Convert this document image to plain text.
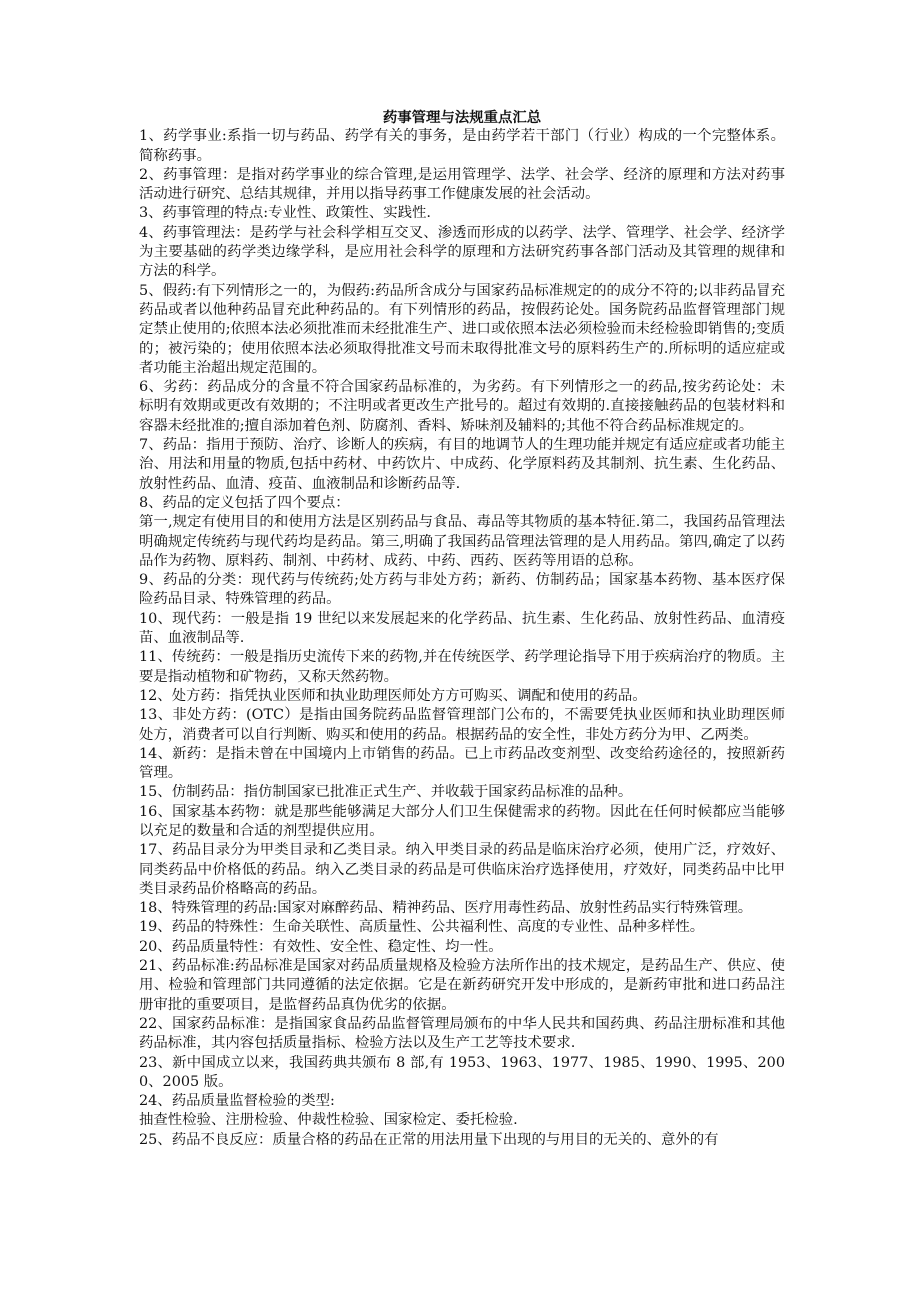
药事管理与法规重点汇总

1、药学事业:系指一切与药品、药学有关的事务，是由药学若干部门（行业）构成的一个完整体系。简称药事。

2、药事管理：是指对药学事业的综合管理,是运用管理学、法学、社会学、经济的原理和方法对药事活动进行研究、总结其规律，并用以指导药事工作健康发展的社会活动。

3、药事管理的特点:专业性、政策性、实践性.

4、药事管理法：是药学与社会科学相互交叉、渗透而形成的以药学、法学、管理学、社会学、经济学为主要基础的药学类边缘学科，是应用社会科学的原理和方法研究药事各部门活动及其管理的规律和方法的科学。

5、假药:有下列情形之一的，为假药:药品所含成分与国家药品标准规定的的成分不符的;以非药品冒充药品或者以他种药品冒充此种药品的。有下列情形的药品，按假药论处。国务院药品监督管理部门规定禁止使用的;依照本法必须批准而未经批准生产、进口或依照本法必须检验而未经检验即销售的;变质的；被污染的；使用依照本法必须取得批准文号而未取得批准文号的原料药生产的.所标明的适应症或者功能主治超出规定范围的。

6、劣药：药品成分的含量不符合国家药品标准的，为劣药。有下列情形之一的药品,按劣药论处：未标明有效期或更改有效期的；不注明或者更改生产批号的。超过有效期的.直接接触药品的包装材料和容器未经批准的;擅自添加着色剂、防腐剂、香料、矫味剂及辅料的;其他不符合药品标准规定的。

7、药品：指用于预防、治疗、诊断人的疾病，有目的地调节人的生理功能并规定有适应症或者功能主治、用法和用量的物质,包括中药材、中药饮片、中成药、化学原料药及其制剂、抗生素、生化药品、放射性药品、血清、疫苗、血液制品和诊断药品等.

8、药品的定义包括了四个要点：

第一,规定有使用目的和使用方法是区别药品与食品、毒品等其物质的基本特征.第二，我国药品管理法明确规定传统药与现代药均是药品。第三,明确了我国药品管理法管理的是人用药品。第四,确定了以药品作为药物、原料药、制剂、中药材、成药、中药、西药、医药等用语的总称。

9、药品的分类：现代药与传统药;处方药与非处方药；新药、仿制药品；国家基本药物、基本医疗保险药品目录、特殊管理的药品。

10、现代药：一般是指 19 世纪以来发展起来的化学药品、抗生素、生化药品、放射性药品、血清疫苗、血液制品等.

11、传统药：一般是指历史流传下来的药物,并在传统医学、药学理论指导下用于疾病治疗的物质。主要是指动植物和矿物药，又称天然药物。

12、处方药：指凭执业医师和执业助理医师处方方可购买、调配和使用的药品。

13、非处方药：(OTC）是指由国务院药品监督管理部门公布的，不需要凭执业医师和执业助理医师处方，消费者可以自行判断、购买和使用的药品。根据药品的安全性，非处方药分为甲、乙两类。

14、新药：是指未曾在中国境内上市销售的药品。已上市药品改变剂型、改变给药途径的，按照新药管理。

15、仿制药品：指仿制国家已批准正式生产、并收载于国家药品标准的品种。

16、国家基本药物：就是那些能够满足大部分人们卫生保健需求的药物。因此在任何时候都应当能够以充足的数量和合适的剂型提供应用。

17、药品目录分为甲类目录和乙类目录。纳入甲类目录的药品是临床治疗必须，使用广泛，疗效好、同类药品中价格低的药品。纳入乙类目录的药品是可供临床治疗选择使用，疗效好，同类药品中比甲类目录药品价格略高的药品。

18、特殊管理的药品:国家对麻醉药品、精神药品、医疗用毒性药品、放射性药品实行特殊管理。

19、药品的特殊性：生命关联性、高质量性、公共福利性、高度的专业性、品种多样性。

20、药品质量特性：有效性、安全性、稳定性、均一性。

21、药品标准:药品标准是国家对药品质量规格及检验方法所作出的技术规定，是药品生产、供应、使用、检验和管理部门共同遵循的法定依据。它是在新药研究开发中形成的，是新药审批和进口药品注册审批的重要项目，是监督药品真伪优劣的依据。

22、国家药品标准：是指国家食品药品监督管理局颁布的中华人民共和国药典、药品注册标准和其他药品标准，其内容包括质量指标、检验方法以及生产工艺等技术要求.

23、新中国成立以来，我国药典共颁布 8 部,有 1953、1963、1977、1985、1990、1995、2000、2005 版。

24、药品质量监督检验的类型:

抽查性检验、注册检验、仲裁性检验、国家检定、委托检验.

25、药品不良反应：质量合格的药品在正常的用法用量下出现的与用目的无关的、意外的有
